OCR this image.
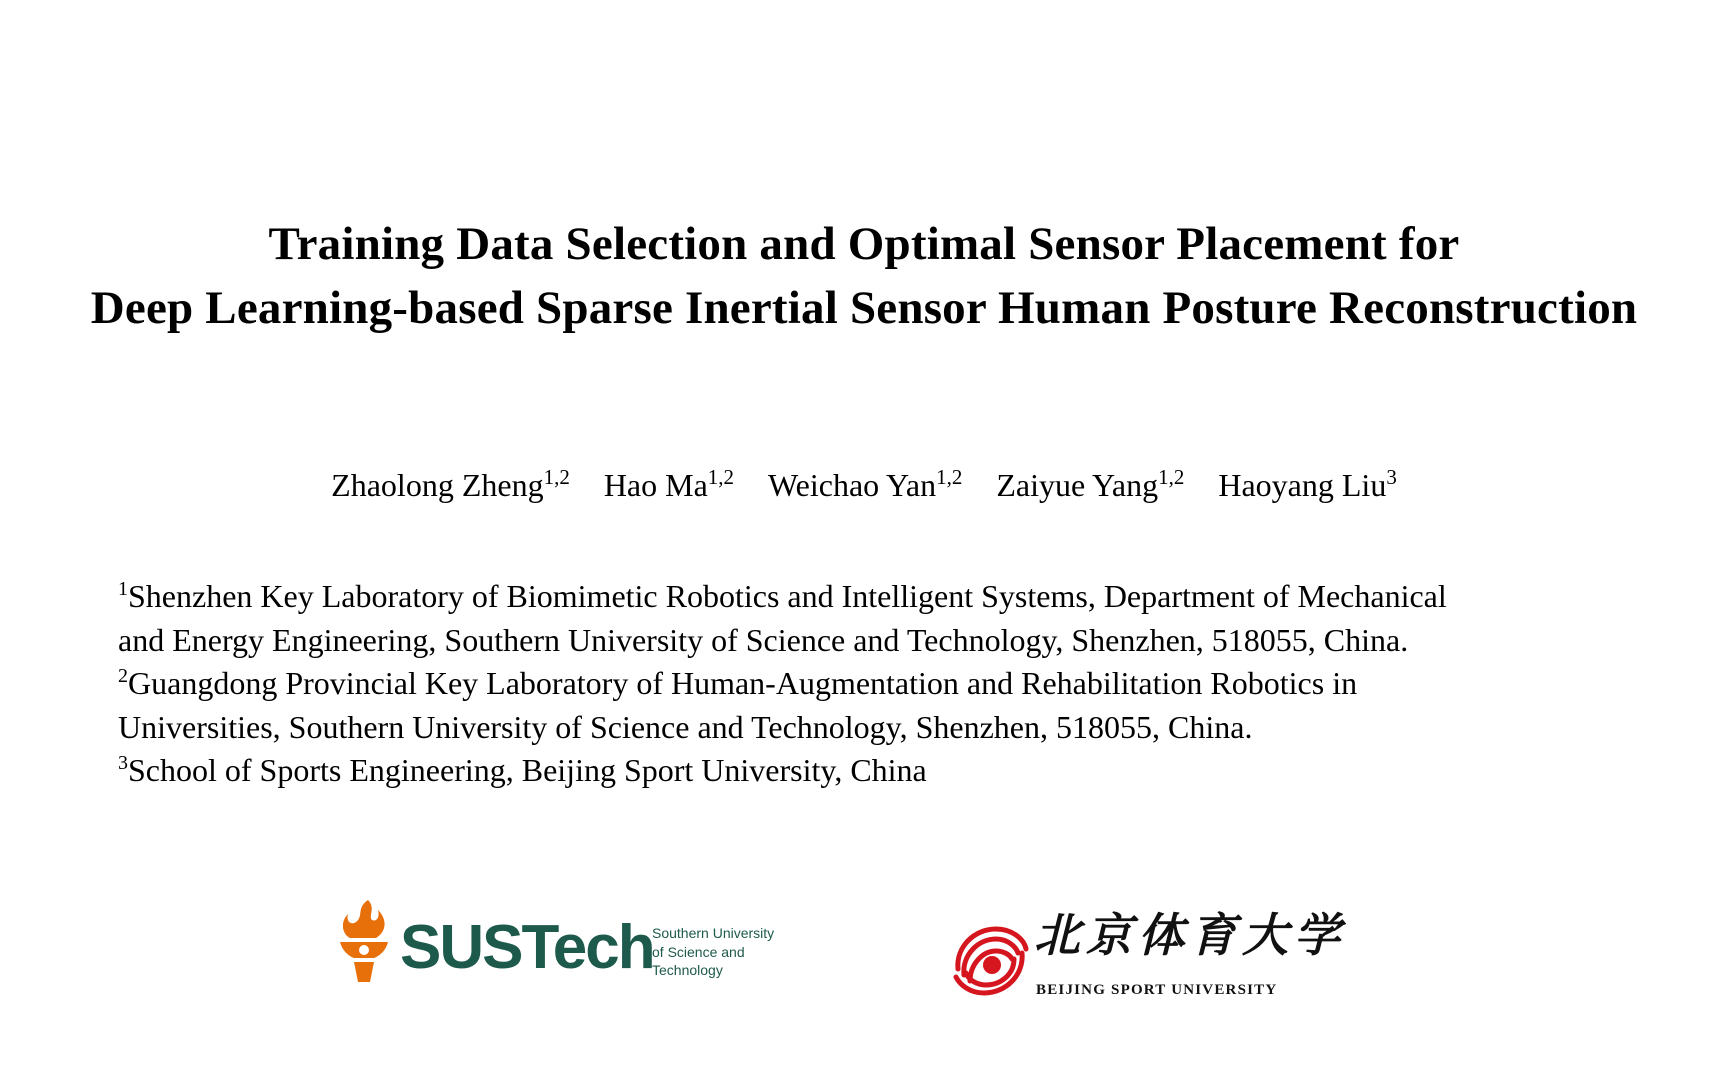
Training Data Selection and Optimal Sensor Placement for
Deep Learning-based Sparse Inertial Sensor Human Posture Reconstruction
Zhaolong Zheng$^{1,2}$ Hao Ma$^{1,2}$ Weichao Yan$^{1,2}$ Zaiyue Yang$^{1,2}$ Haoyang Liu$^3$
$^1$Shenzhen Key Laboratory of Biomimetic Robotics and Intelligent Systems, Department of Mechanical
and Energy Engineering, Southern University of Science and Technology, Shenzhen, 518055, China.
$^2$Guangdong Provincial Key Laboratory of Human-Augmentation and Rehabilitation Robotics in
Universities, Southern University of Science and Technology, Shenzhen, 518055, China.
$^3$School of Sports Engineering, Beijing Sport University, China
SUSTech
Southern University
of Science and
Technology
北京体育大学
BEIJING SPORT UNIVERSITY
